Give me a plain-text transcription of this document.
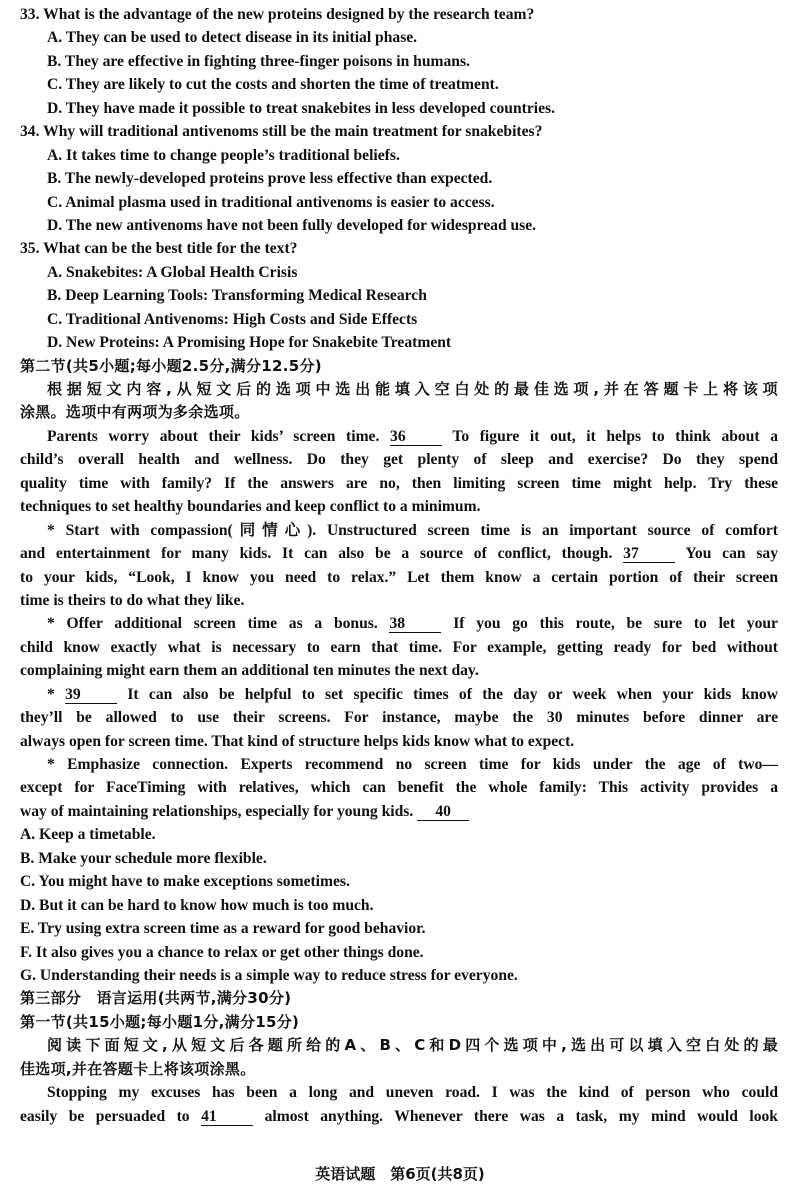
33. What is the advantage of the new proteins designed by the research team?
A. They can be used to detect disease in its initial phase.
B. They are effective in fighting three-finger poisons in humans.
C. They are likely to cut the costs and shorten the time of treatment.
D. They have made it possible to treat snakebites in less developed countries.
34. Why will traditional antivenoms still be the main treatment for snakebites?
A. It takes time to change people’s traditional beliefs.
B. The newly-developed proteins prove less effective than expected.
C. Animal plasma used in traditional antivenoms is easier to access.
D. The new antivenoms have not been fully developed for widespread use.
35. What can be the best title for the text?
A. Snakebites: A Global Health Crisis
B. Deep Learning Tools: Transforming Medical Research
C. Traditional Antivenoms: High Costs and Side Effects
D. New Proteins: A Promising Hope for Snakebite Treatment
第二节(共5小题;每小题2.5分,满分12.5分)
根据短文内容,从短文后的选项中选出能填入空白处的最佳选项,并在答题卡上将该项
涂黑。选项中有两项为多余选项。
Parents worry about their kids’ screen time. 36	To figure it out, it helps to think about a
child’s overall health and wellness. Do they get plenty of sleep and exercise? Do they spend
quality time with family? If the answers are no, then limiting screen time might help. Try these
techniques to set healthy boundaries and keep conflict to a minimum.
* Start with compassion(同情心). Unstructured screen time is an important source of comfort
and entertainment for many kids. It can also be a source of conflict, though. 37	You can say
to your kids, “Look, I know you need to relax.” Let them know a certain portion of their screen
time is theirs to do what they like.
* Offer additional screen time as a bonus. 38	If you go this route, be sure to let your
child know exactly what is necessary to earn that time. For example, getting ready for bed without
complaining might earn them an additional ten minutes the next day.
* 39	It can also be helpful to set specific times of the day or week when your kids know
they’ll be allowed to use their screens. For instance, maybe the 30 minutes before dinner are
always open for screen time. That kind of structure helps kids know what to expect.
* Emphasize connection. Experts recommend no screen time for kids under the age of two—
except for FaceTiming with relatives, which can benefit the whole family: This activity provides a
way of maintaining relationships, especially for young kids. 40
A. Keep a timetable.
B. Make your schedule more flexible.
C. You might have to make exceptions sometimes.
D. But it can be hard to know how much is too much.
E. Try using extra screen time as a reward for good behavior.
F. It also gives you a chance to relax or get other things done.
G. Understanding their needs is a simple way to reduce stress for everyone.
第三部分　语言运用(共两节,满分30分)
第一节(共15小题;每小题1分,满分15分)
阅读下面短文,从短文后各题所给的A、B、C和D四个选项中,选出可以填入空白处的最
佳选项,并在答题卡上将该项涂黑。
Stopping my excuses has been a long and uneven road. I was the kind of person who could
easily be persuaded to 41	almost anything. Whenever there was a task, my mind would look
英语试题　第6页(共8页)
